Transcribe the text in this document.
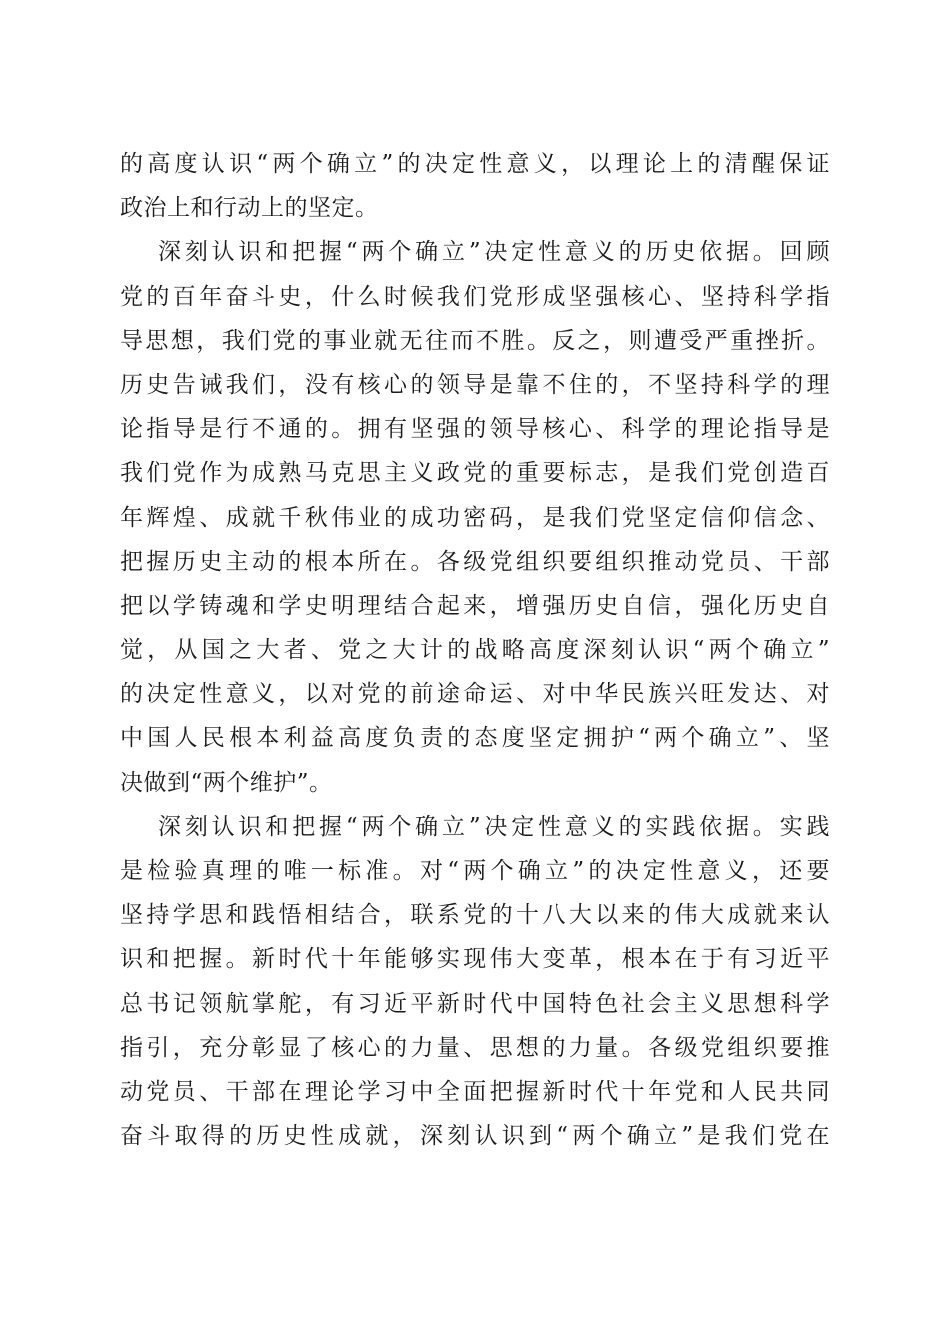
的高度认识“两个确立”的决定性意义，以理论上的清醒保证
政治上和行动上的坚定。
深刻认识和把握“两个确立”决定性意义的历史依据。回顾
党的百年奋斗史，什么时候我们党形成坚强核心、坚持科学指
导思想，我们党的事业就无往而不胜。反之，则遭受严重挫折。
历史告诫我们，没有核心的领导是靠不住的，不坚持科学的理
论指导是行不通的。拥有坚强的领导核心、科学的理论指导是
我们党作为成熟马克思主义政党的重要标志，是我们党创造百
年辉煌、成就千秋伟业的成功密码，是我们党坚定信仰信念、
把握历史主动的根本所在。各级党组织要组织推动党员、干部
把以学铸魂和学史明理结合起来，增强历史自信，强化历史自
觉，从国之大者、党之大计的战略高度深刻认识“两个确立”
的决定性意义，以对党的前途命运、对中华民族兴旺发达、对
中国人民根本利益高度负责的态度坚定拥护“两个确立”、坚
决做到“两个维护”。
深刻认识和把握“两个确立”决定性意义的实践依据。实践
是检验真理的唯一标准。对“两个确立”的决定性意义，还要
坚持学思和践悟相结合，联系党的十八大以来的伟大成就来认
识和把握。新时代十年能够实现伟大变革，根本在于有习近平
总书记领航掌舵，有习近平新时代中国特色社会主义思想科学
指引，充分彰显了核心的力量、思想的力量。各级党组织要推
动党员、干部在理论学习中全面把握新时代十年党和人民共同
奋斗取得的历史性成就，深刻认识到“两个确立”是我们党在
